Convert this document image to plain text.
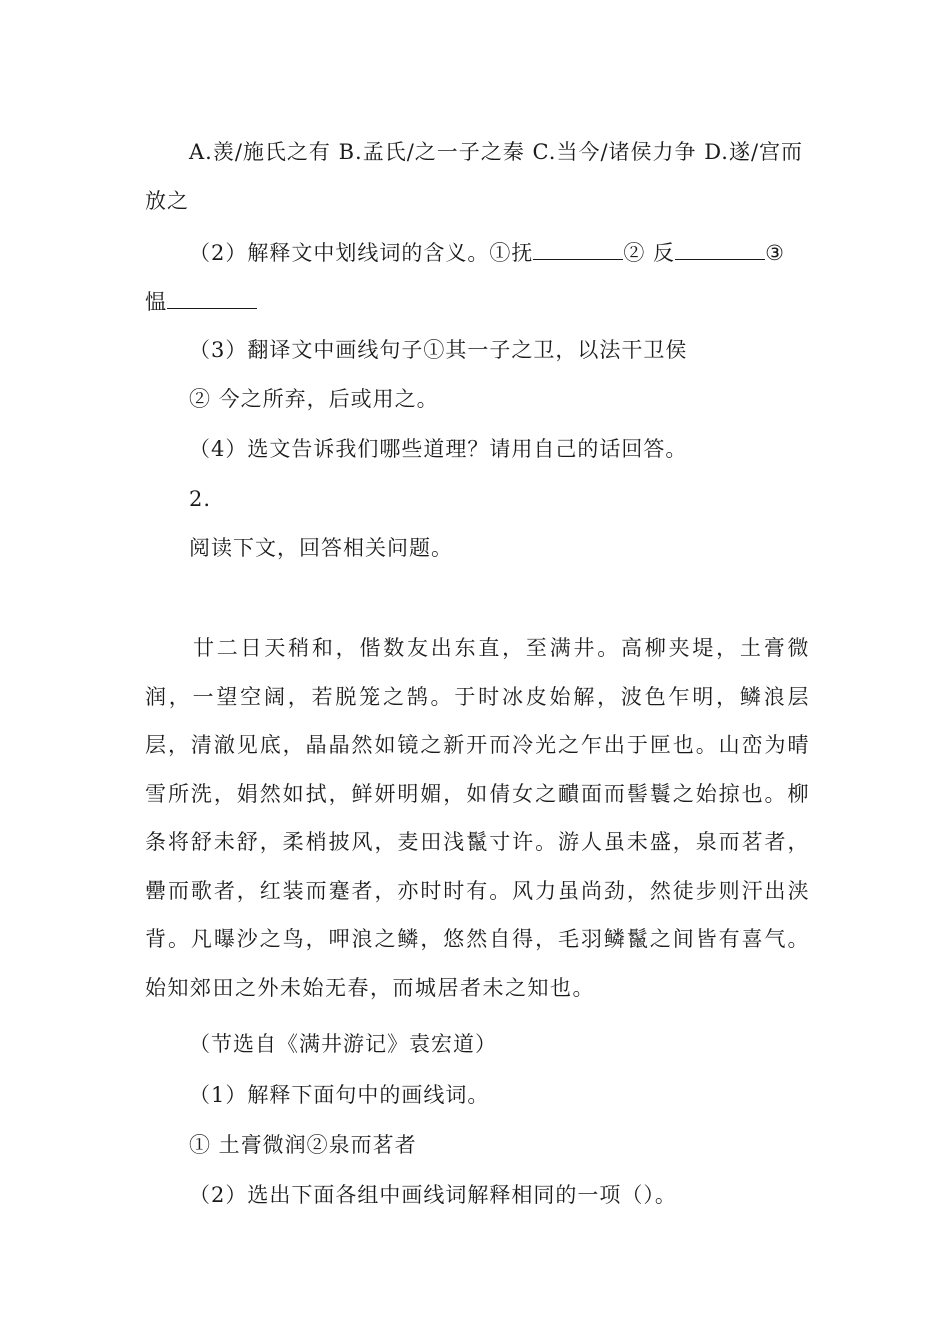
A.羡/施氏之有 B.孟氏/之一子之秦 C.当今/诸侯力争 D.遂/宫而
放之
（2）解释文中划线词的含义。①抚	② 反	③
愠
（3）翻译文中画线句子①其一子之卫，以法干卫侯
② 今之所弃，后或用之。
（4）选文告诉我们哪些道理？请用自己的话回答。
2.
阅读下文，回答相关问题。
廿二日天稍和，偕数友出东直，至满井。高柳夹堤，土膏微润，一望空阔，若脱笼之鹄。于时冰皮始解，波色乍明，鳞浪层层，清澈见底，晶晶然如镜之新开而冷光之乍出于匣也。山峦为晴雪所洗，娟然如拭，鲜妍明媚，如倩女之靧面而髻鬟之始掠也。柳条将舒未舒，柔梢披风，麦田浅鬣寸许。游人虽未盛，泉而茗者，罍而歌者，红装而蹇者，亦时时有。风力虽尚劲，然徒步则汗出浃背。凡曝沙之鸟，呷浪之鳞，悠然自得，毛羽鳞鬣之间皆有喜气。始知郊田之外未始无春，而城居者未之知也。
（节选自《满井游记》袁宏道）
（1）解释下面句中的画线词。
① 土膏微润②泉而茗者
（2）选出下面各组中画线词解释相同的一项（）。
